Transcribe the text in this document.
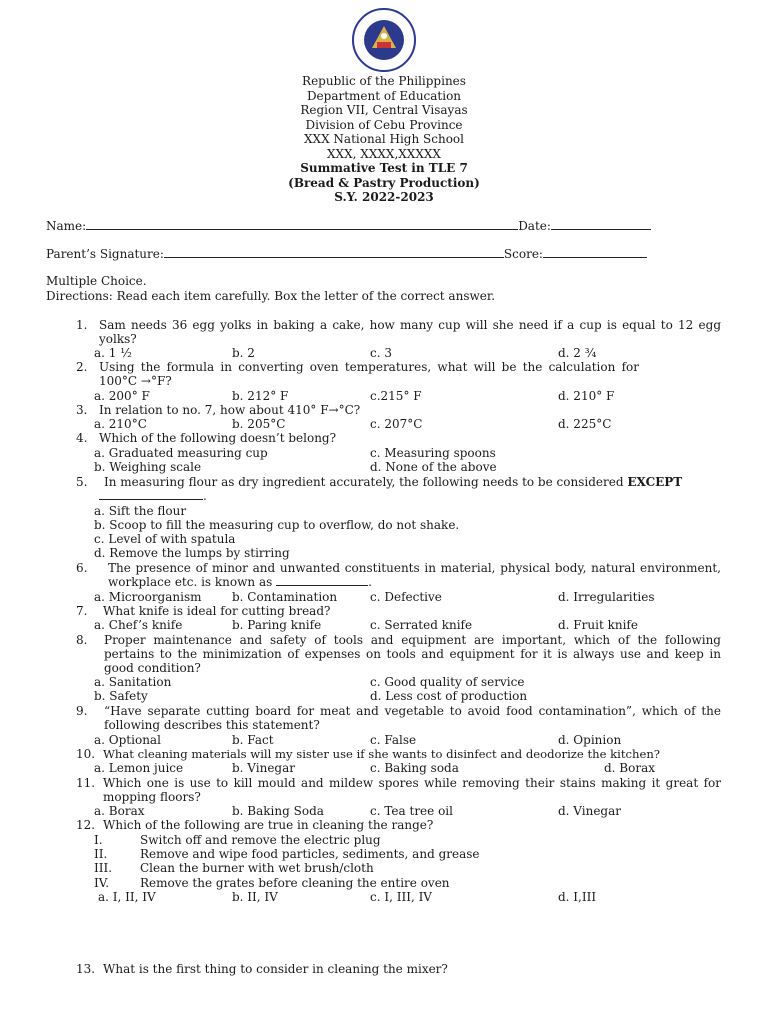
Republic of the Philippines
Department of Education
Region VII, Central Visayas
Division of Cebu Province
XXX National High School
XXX, XXXX,XXXXX
Summative Test in TLE 7
(Bread & Pastry Production)
S.Y. 2022-2023
Name:	Date:
Parent’s Signature:	Score:
Multiple Choice.
Directions: Read each item carefully. Box the letter of the correct answer.
1. Sam needs 36 egg yolks in baking a cake, how many cup will she need if a cup is equal to 12 egg yolks?
a. 1 ½	b. 2	c. 3	d. 2 ¾
2. Using the formula in converting oven temperatures, what will be the calculation for 100°C →°F?
a. 200° F	b. 212° F	c.215° F	d. 210° F
3. In relation to no. 7, how about 410° F→°C?
a. 210°C	b. 205°C	c. 207°C	d. 225°C
4. Which of the following doesn’t belong?
a. Graduated measuring cup	c. Measuring spoons
b. Weighing scale	d. None of the above
5. In measuring flour as dry ingredient accurately, the following needs to be considered EXCEPT
.
a. Sift the flour
b. Scoop to fill the measuring cup to overflow, do not shake.
c. Level of with spatula
d. Remove the lumps by stirring
6. The presence of minor and unwanted constituents in material, physical body, natural environment, workplace etc. is known as	.
a. Microorganism	b. Contamination	c. Defective	d. Irregularities
7. What knife is ideal for cutting bread?
a. Chef’s knife	b. Paring knife	c. Serrated knife	d. Fruit knife
8. Proper maintenance and safety of tools and equipment are important, which of the following pertains to the minimization of expenses on tools and equipment for it is always use and keep in good condition?
a. Sanitation	c. Good quality of service
b. Safety	d. Less cost of production
9. “Have separate cutting board for meat and vegetable to avoid food contamination”, which of the following describes this statement?
a. Optional	b. Fact	c. False	d. Opinion
10. What cleaning materials will my sister use if she wants to disinfect and deodorize the kitchen?
a. Lemon juice	b. Vinegar	c. Baking soda	d. Borax
11. Which one is use to kill mould and mildew spores while removing their stains making it great for mopping floors?
a. Borax	b. Baking Soda	c. Tea tree oil	d. Vinegar
12. Which of the following are true in cleaning the range?
I.	Switch off and remove the electric plug
II.	Remove and wipe food particles, sediments, and grease
III. Clean the burner with wet brush/cloth
IV.	Remove the grates before cleaning the entire oven
a. I, II, IV	b. II, IV	c. I, III, IV	d. I,III
13. What is the first thing to consider in cleaning the mixer?
